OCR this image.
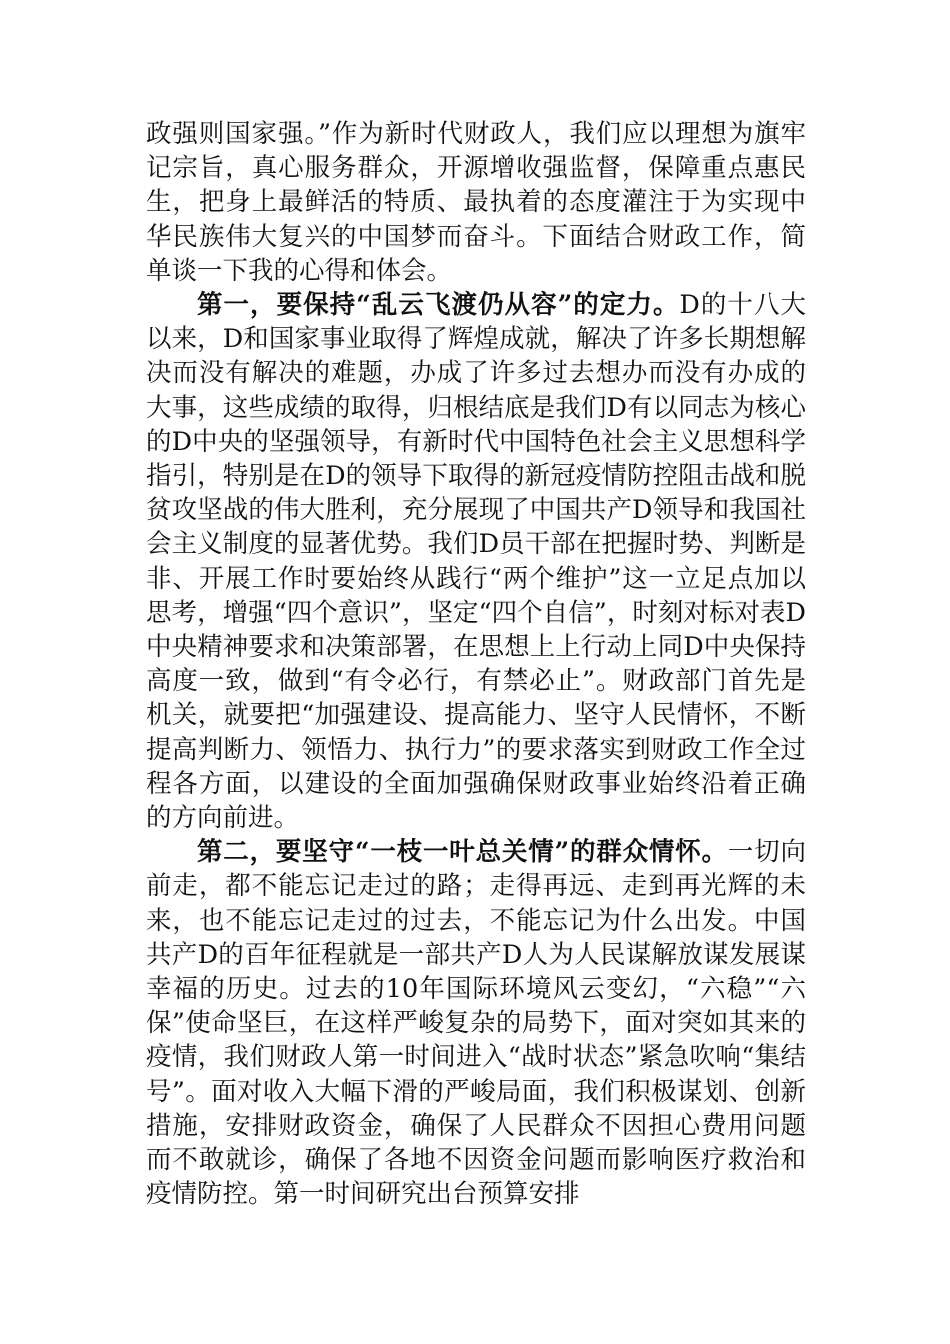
政强则国家强。”作为新时代财政人，我们应以理想为旗牢记宗旨，真心服务群众，开源增收强监督，保障重点惠民生，把身上最鲜活的特质、最执着的态度灌注于为实现中华民族伟大复兴的中国梦而奋斗。下面结合财政工作，简单谈一下我的心得和体会。

第一，要保持“乱云飞渡仍从容”的定力。D的十八大以来，D和国家事业取得了辉煌成就，解决了许多长期想解决而没有解决的难题，办成了许多过去想办而没有办成的大事，这些成绩的取得，归根结底是我们D有以同志为核心的D中央的坚强领导，有新时代中国特色社会主义思想科学指引，特别是在D的领导下取得的新冠疫情防控阻击战和脱贫攻坚战的伟大胜利，充分展现了中国共产D领导和我国社会主义制度的显著优势。我们D员干部在把握时势、判断是非、开展工作时要始终从践行“两个维护”这一立足点加以思考，增强“四个意识”，坚定“四个自信”，时刻对标对表D中央精神要求和决策部署，在思想上上行动上同D中央保持高度一致，做到“有令必行，有禁必止”。财政部门首先是机关，就要把“加强建设、提高能力、坚守人民情怀，不断提高判断力、领悟力、执行力”的要求落实到财政工作全过程各方面，以建设的全面加强确保财政事业始终沿着正确的方向前进。

第二，要坚守“一枝一叶总关情”的群众情怀。一切向前走，都不能忘记走过的路；走得再远、走到再光辉的未来，也不能忘记走过的过去，不能忘记为什么出发。中国共产D的百年征程就是一部共产D人为人民谋解放谋发展谋幸福的历史。过去的10年国际环境风云变幻，“六稳”“六保”使命坚巨，在这样严峻复杂的局势下，面对突如其来的疫情，我们财政人第一时间进入“战时状态”紧急吹响“集结号”。面对收入大幅下滑的严峻局面，我们积极谋划、创新措施，安排财政资金，确保了人民群众不因担心费用问题而不敢就诊，确保了各地不因资金问题而影响医疗救治和疫情防控。第一时间研究出台预算安排
